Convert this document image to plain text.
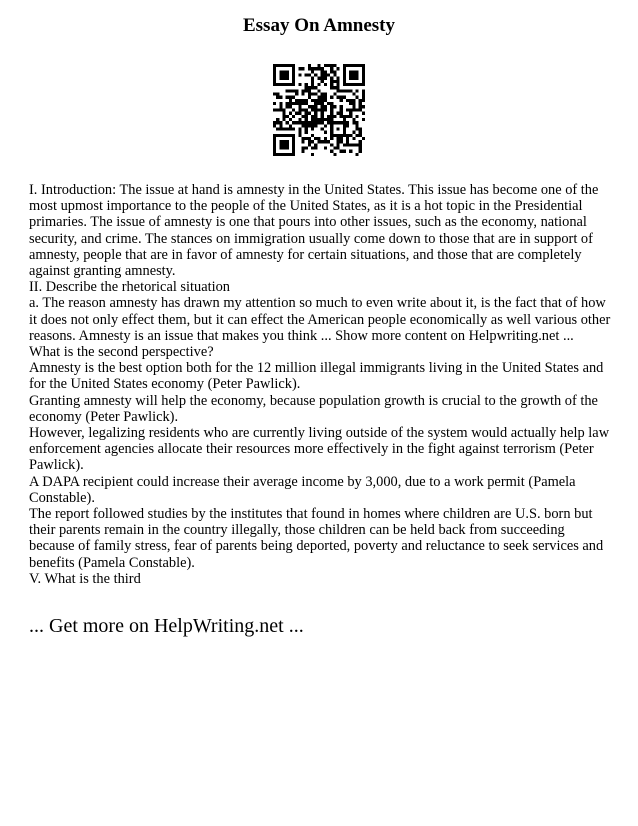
Essay On Amnesty

I. Introduction: The issue at hand is amnesty in the United States. This issue has become one of the most upmost importance to the people of the United States, as it is a hot topic in the Presidential primaries. The issue of amnesty is one that pours into other issues, such as the economy, national security, and crime. The stances on immigration usually come down to those that are in support of amnesty, people that are in favor of amnesty for certain situations, and those that are completely against granting amnesty.

II. Describe the rhetorical situation

a. The reason amnesty has drawn my attention so much to even write about it, is the fact that of how it does not only effect them, but it can effect the American people economically as well various other reasons. Amnesty is an issue that makes you think ... Show more content on Helpwriting.net ...

What is the second perspective?

Amnesty is the best option both for the 12 million illegal immigrants living in the United States and for the United States economy (Peter Pawlick).

Granting amnesty will help the economy, because population growth is crucial to the growth of the economy (Peter Pawlick).

However, legalizing residents who are currently living outside of the system would actually help law enforcement agencies allocate their resources more effectively in the fight against terrorism (Peter Pawlick).

A DAPA recipient could increase their average income by 3,000, due to a work permit (Pamela Constable).

The report followed studies by the institutes that found in homes where children are U.S. born but their parents remain in the country illegally, those children can be held back from succeeding because of family stress, fear of parents being deported, poverty and reluctance to seek services and benefits (Pamela Constable).

V. What is the third

... Get more on HelpWriting.net ...
